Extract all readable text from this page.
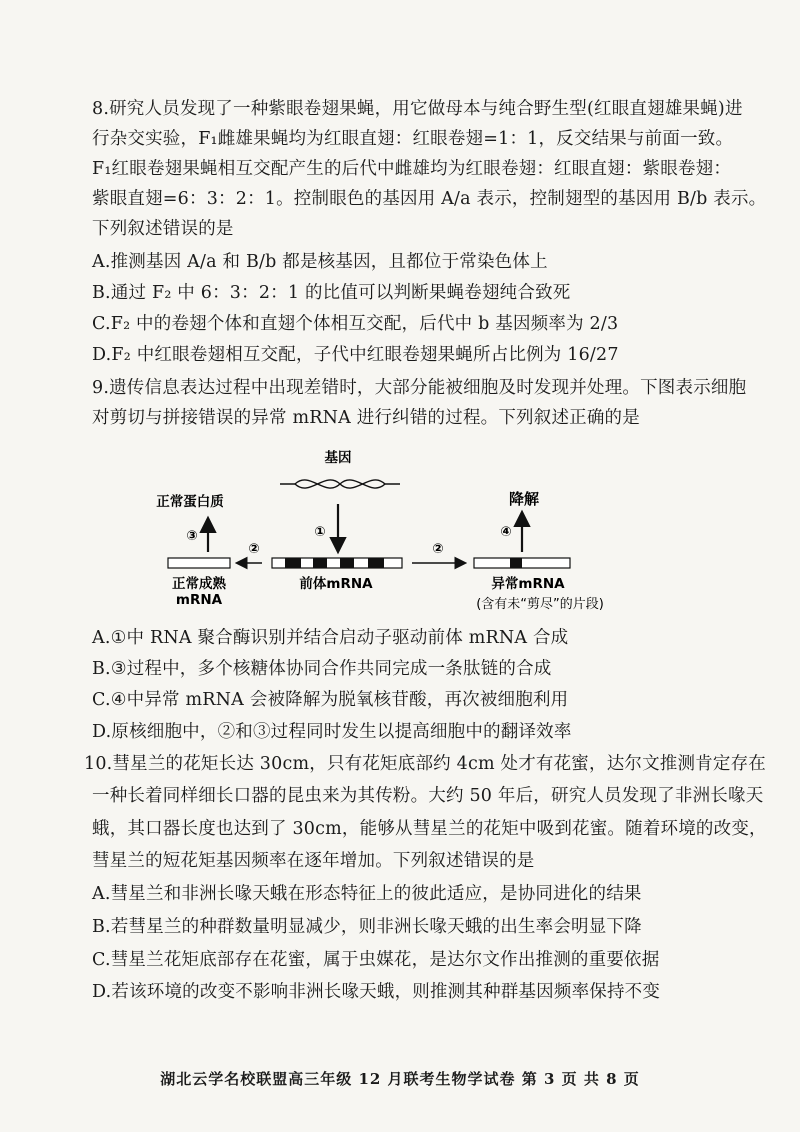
8.研究人员发现了一种紫眼卷翅果蝇，用它做母本与纯合野生型(红眼直翅雄果蝇)进
行杂交实验，F₁雌雄果蝇均为红眼直翅：红眼卷翅=1：1，反交结果与前面一致。
F₁红眼卷翅果蝇相互交配产生的后代中雌雄均为红眼卷翅：红眼直翅：紫眼卷翅：
紫眼直翅=6：3：2：1。控制眼色的基因用 A/a 表示，控制翅型的基因用 B/b 表示。
下列叙述错误的是
A.推测基因 A/a 和 B/b 都是核基因，且都位于常染色体上
B.通过 F₂ 中 6：3：2：1 的比值可以判断果蝇卷翅纯合致死
C.F₂ 中的卷翅个体和直翅个体相互交配，后代中 b 基因频率为 2/3
D.F₂ 中红眼卷翅相互交配，子代中红眼卷翅果蝇所占比例为 16/27
9.遗传信息表达过程中出现差错时，大部分能被细胞及时发现并处理。下图表示细胞
对剪切与拼接错误的异常 mRNA 进行纠错的过程。下列叙述正确的是
基因
①
前体mRNA
②
正常成熟
mRNA
③
正常蛋白质
②
异常mRNA
(含有未“剪尽”的片段)
④
降解
A.①中 RNA 聚合酶识别并结合启动子驱动前体 mRNA 合成
B.③过程中，多个核糖体协同合作共同完成一条肽链的合成
C.④中异常 mRNA 会被降解为脱氧核苷酸，再次被细胞利用
D.原核细胞中，②和③过程同时发生以提高细胞中的翻译效率
10.彗星兰的花矩长达 30cm，只有花矩底部约 4cm 处才有花蜜，达尔文推测肯定存在
一种长着同样细长口器的昆虫来为其传粉。大约 50 年后，研究人员发现了非洲长喙天
蛾，其口器长度也达到了 30cm，能够从彗星兰的花矩中吸到花蜜。随着环境的改变，
彗星兰的短花矩基因频率在逐年增加。下列叙述错误的是
A.彗星兰和非洲长喙天蛾在形态特征上的彼此适应，是协同进化的结果
B.若彗星兰的种群数量明显减少，则非洲长喙天蛾的出生率会明显下降
C.彗星兰花矩底部存在花蜜，属于虫媒花，是达尔文作出推测的重要依据
D.若该环境的改变不影响非洲长喙天蛾，则推测其种群基因频率保持不变
湖北云学名校联盟高三年级 12 月联考生物学试卷 第 3 页 共 8 页
